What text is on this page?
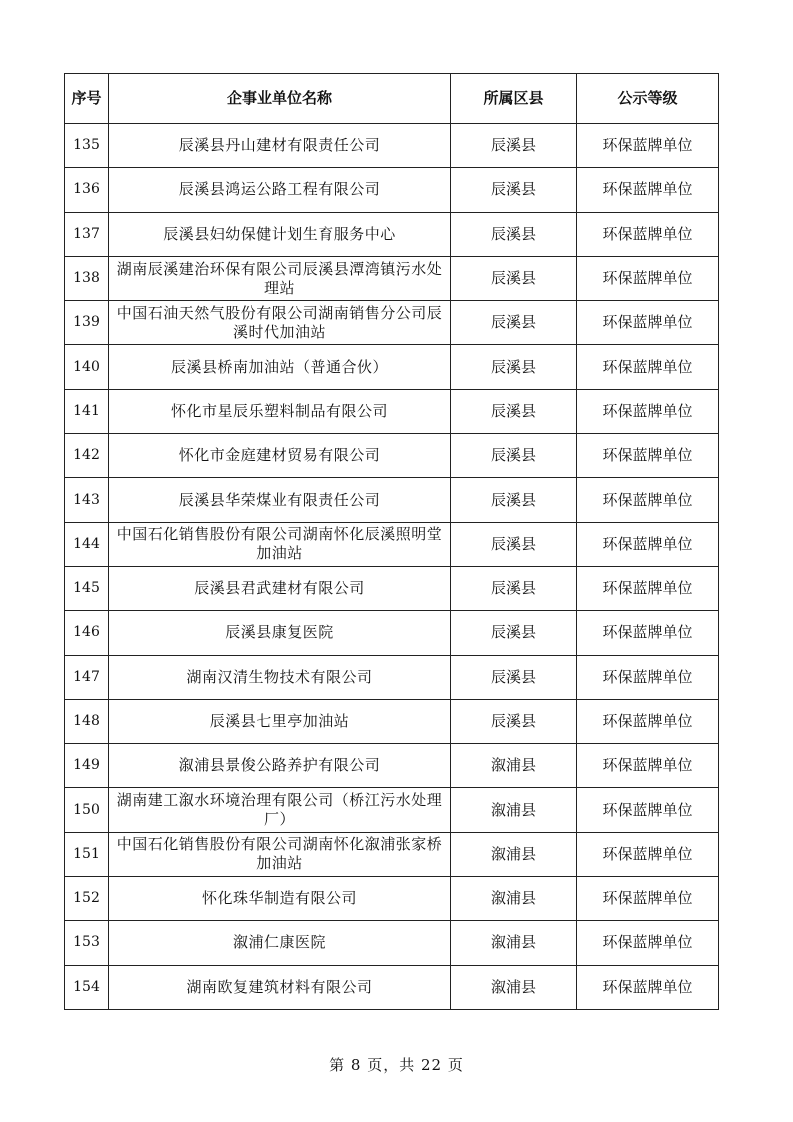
序号	企事业单位名称	所属区县	公示等级
135	辰溪县丹山建材有限责任公司	辰溪县	环保蓝牌单位
136	辰溪县鸿运公路工程有限公司	辰溪县	环保蓝牌单位
137	辰溪县妇幼保健计划生育服务中心	辰溪县	环保蓝牌单位
138	湖南辰溪建治环保有限公司辰溪县潭湾镇污水处理站	辰溪县	环保蓝牌单位
139	中国石油天然气股份有限公司湖南销售分公司辰溪时代加油站	辰溪县	环保蓝牌单位
140	辰溪县桥南加油站（普通合伙）	辰溪县	环保蓝牌单位
141	怀化市星辰乐塑料制品有限公司	辰溪县	环保蓝牌单位
142	怀化市金庭建材贸易有限公司	辰溪县	环保蓝牌单位
143	辰溪县华荣煤业有限责任公司	辰溪县	环保蓝牌单位
144	中国石化销售股份有限公司湖南怀化辰溪照明堂加油站	辰溪县	环保蓝牌单位
145	辰溪县君武建材有限公司	辰溪县	环保蓝牌单位
146	辰溪县康复医院	辰溪县	环保蓝牌单位
147	湖南汉清生物技术有限公司	辰溪县	环保蓝牌单位
148	辰溪县七里亭加油站	辰溪县	环保蓝牌单位
149	溆浦县景俊公路养护有限公司	溆浦县	环保蓝牌单位
150	湖南建工溆水环境治理有限公司（桥江污水处理厂）	溆浦县	环保蓝牌单位
151	中国石化销售股份有限公司湖南怀化溆浦张家桥加油站	溆浦县	环保蓝牌单位
152	怀化珠华制造有限公司	溆浦县	环保蓝牌单位
153	溆浦仁康医院	溆浦县	环保蓝牌单位
154	湖南欧复建筑材料有限公司	溆浦县	环保蓝牌单位
第 8 页，共 22 页
